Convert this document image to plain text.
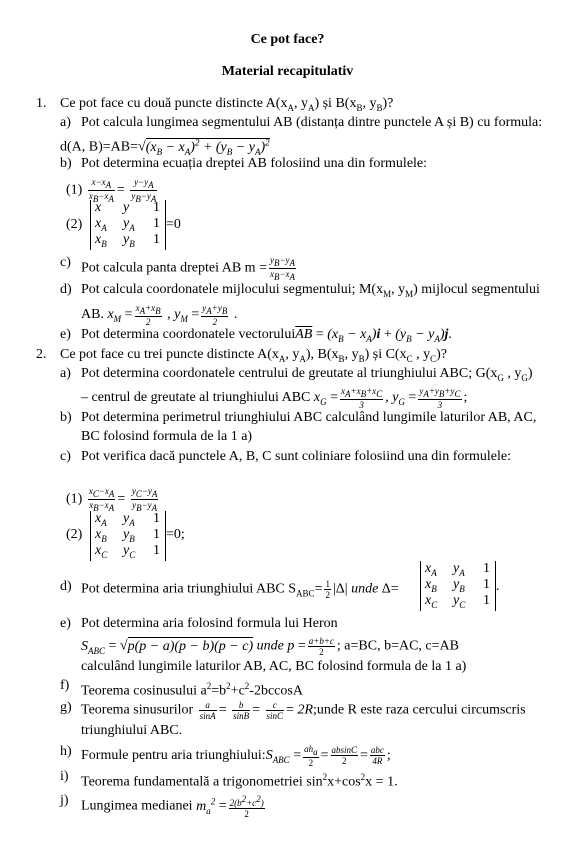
Ce pot face?
Material recapitulativ
1. Ce pot face cu două puncte distincte $A(x_A$, $y_A$) și $B(x_B$, $y_B$)?
a) Pot calcula lungimea segmentului AB (distanța dintre punctele A și B) cu formula:
d(A, $B)=AB=√(x_B - x_A)^2 + (y_B - y_A)^2$
b) Pot determina ecuația dreptei AB folosiind una din formulele:
$(1) \frac{x-x_A}{x_B-x_A} = \frac{y-y_A}{y_B-y_A}$
(2)
x y 1
$x_A$ $y_A$ 1
$x_B$ $y_B$ 1
=0
c) Pot calcula panta dreptei AB $m = \frac{y_B-y_A}{x_B-x_A}$
d) Pot calcula coordonatele mijlocului segmentului; $M(x_M$, $y_M$) mijlocul segmentului
AB. $x_M = \frac{x_A+x_B}{2}$ , $y_M = \frac{y_A+y_B}{2}$ .
e) Pot determina coordonatele $vectorului\overline{AB} = (x_B - x_A)i + (y_B - y_A)j$.
2. Ce pot face cu trei puncte distincte $A(x_A$, $y_A$), $B(x_B$, $y_B$) și $C(x_C$ , $y_C$)?
a) Pot determina coordonatele centrului de greutate al triunghiului ABC; $G(x_G$ , $y_G$)
– centrul de greutate al triunghiului ABC $x_G = \frac{x_A+x_B+x_C}{3}$ , $y_G = \frac{y_A+y_B+y_C}{3}$ ;
b) Pot determina perimetrul triunghiului ABC calculând lungimile laturilor AB, AC,
BC folosind formula de la 1 a)
c) Pot verifica dacă punctele A, B, C sunt coliniare folosiind una din formulele:
$(1) \frac{x_C-x_A}{x_B-x_A} = \frac{y_C-y_A}{y_B-y_A}$
(2)
$x_A$ $y_A$ 1
$x_B$ $y_B$ 1
$x_C$ $y_C$ 1
=0;
d) Pot determina aria triunghiului ABC $S_{ABC}= \frac{1}{2} |\Delta|$ unde Δ=
$x_A$ $y_A$ 1
$x_B$ $y_B$ 1
$x_C$ $y_C$ 1
.
e) Pot determina aria folosind formula lui Heron
$S_{ABC} = √p(p - a)(p - b)(p - c)$ unde $p = \frac{a+b+c}{2}$ ; a=BC, b=AC, c=AB
calculând lungimile laturilor AB, AC, BC folosind formula de la 1 a)
f) Teorema cosinusului $a^2=b^2+c^2-2bccosA$
g) Teorema sinusurilor $\frac{a}{\sin A} = \frac{b}{\sin B} = \frac{c}{\sin C}$ = 2R;unde R este raza cercului circumscris
triunghiului ABC.
h) Formule pentru aria $triunghiului:S_{ABC} = \frac{ah_a}{2} = \frac{absinC}{2} = \frac{\text{abc}}{4R}$ ;
i) Teorema fundamentală a trigonometriei $\sin^2x+\cos^2x = 1$.
j) Lungimea medianei $m_a^2 = \frac{2(b^2+c^2)}{2}$
